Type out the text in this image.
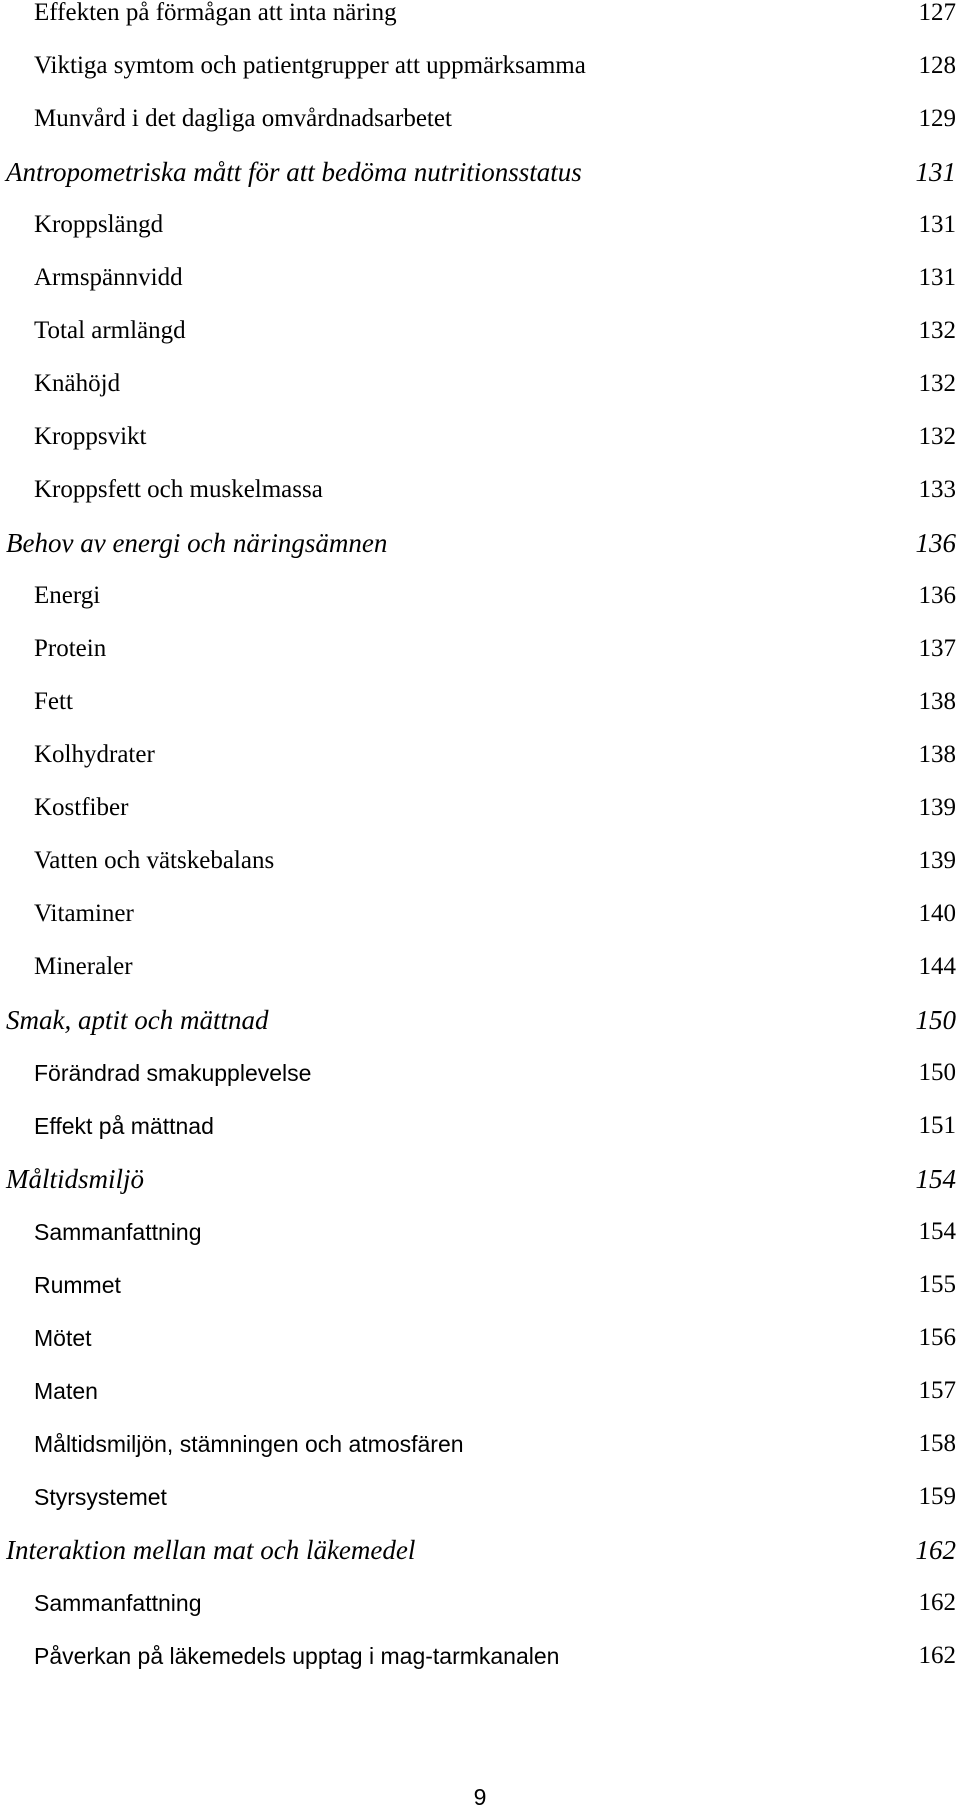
Effekten på förmågan att inta näring	127
Viktiga symtom och patientgrupper att uppmärksamma	128
Munvård i det dagliga omvårdnadsarbetet	129
Antropometriska mått för att bedöma nutritionsstatus	131
Kroppslängd	131
Armspännvidd	131
Total armlängd	132
Knähöjd	132
Kroppsvikt	132
Kroppsfett och muskelmassa	133
Behov av energi och näringsämnen	136
Energi	136
Protein	137
Fett	138
Kolhydrater	138
Kostfiber	139
Vatten och vätskebalans	139
Vitaminer	140
Mineraler	144
Smak, aptit och mättnad	150
Förändrad smakupplevelse	150
Effekt på mättnad	151
Måltidsmiljö	154
Sammanfattning	154
Rummet	155
Mötet	156
Maten	157
Måltidsmiljön, stämningen och atmosfären	158
Styrsystemet	159
Interaktion mellan mat och läkemedel	162
Sammanfattning	162
Påverkan på läkemedels upptag i mag-tarmkanalen	162
9
